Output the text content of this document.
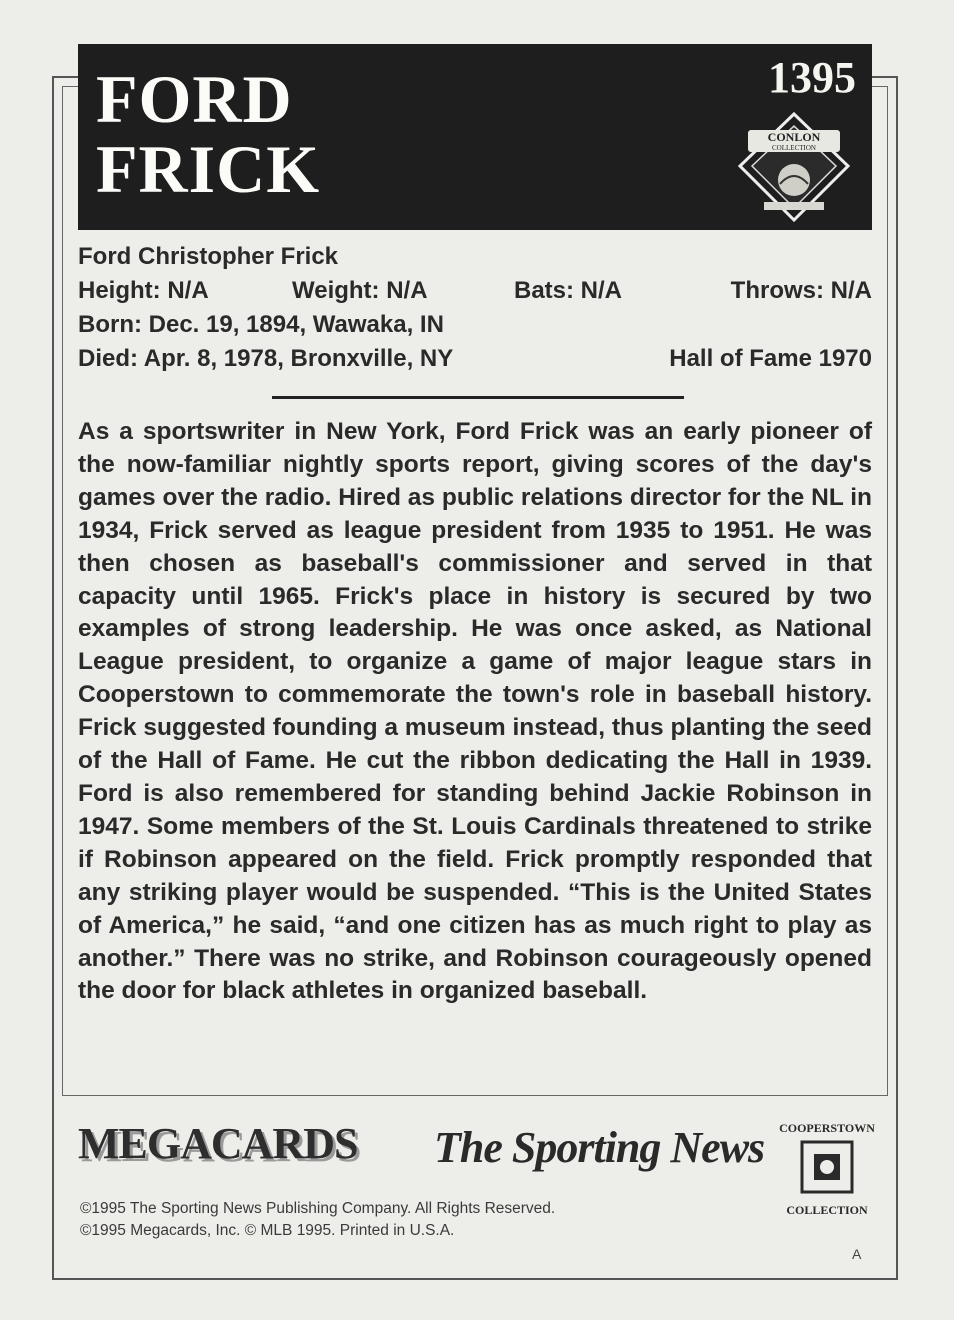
FORD
FRICK
1395
CONLON
COLLECTION
Ford Christopher Frick
Height: N/A	Weight: N/A	Bats: N/A	Throws: N/A
Born: Dec. 19, 1894, Wawaka, IN
Died: Apr. 8, 1978, Bronxville, NY	Hall of Fame 1970
As a sportswriter in New York, Ford Frick was an early pioneer of the now-familiar nightly sports report, giving scores of the day's games over the radio. Hired as public relations director for the NL in 1934, Frick served as league president from 1935 to 1951. He was then chosen as baseball's commissioner and served in that capacity until 1965. Frick's place in history is secured by two examples of strong leadership. He was once asked, as National League president, to organize a game of major league stars in Cooperstown to commemorate the town's role in baseball history. Frick suggested founding a museum instead, thus planting the seed of the Hall of Fame. He cut the ribbon dedicating the Hall in 1939. Ford is also remembered for standing behind Jackie Robinson in 1947. Some members of the St. Louis Cardinals threatened to strike if Robinson appeared on the field. Frick promptly responded that any striking player would be suspended. “This is the United States of America,” he said, “and one citizen has as much right to play as another.” There was no strike, and Robinson courageously opened the door for black athletes in organized baseball.
MEGACARDS The Sporting News COOPERSTOWN
COLLECTION
©1995 The Sporting News Publishing Company. All Rights Reserved.
©1995 Megacards, Inc. © MLB 1995. Printed in U.S.A.
A
